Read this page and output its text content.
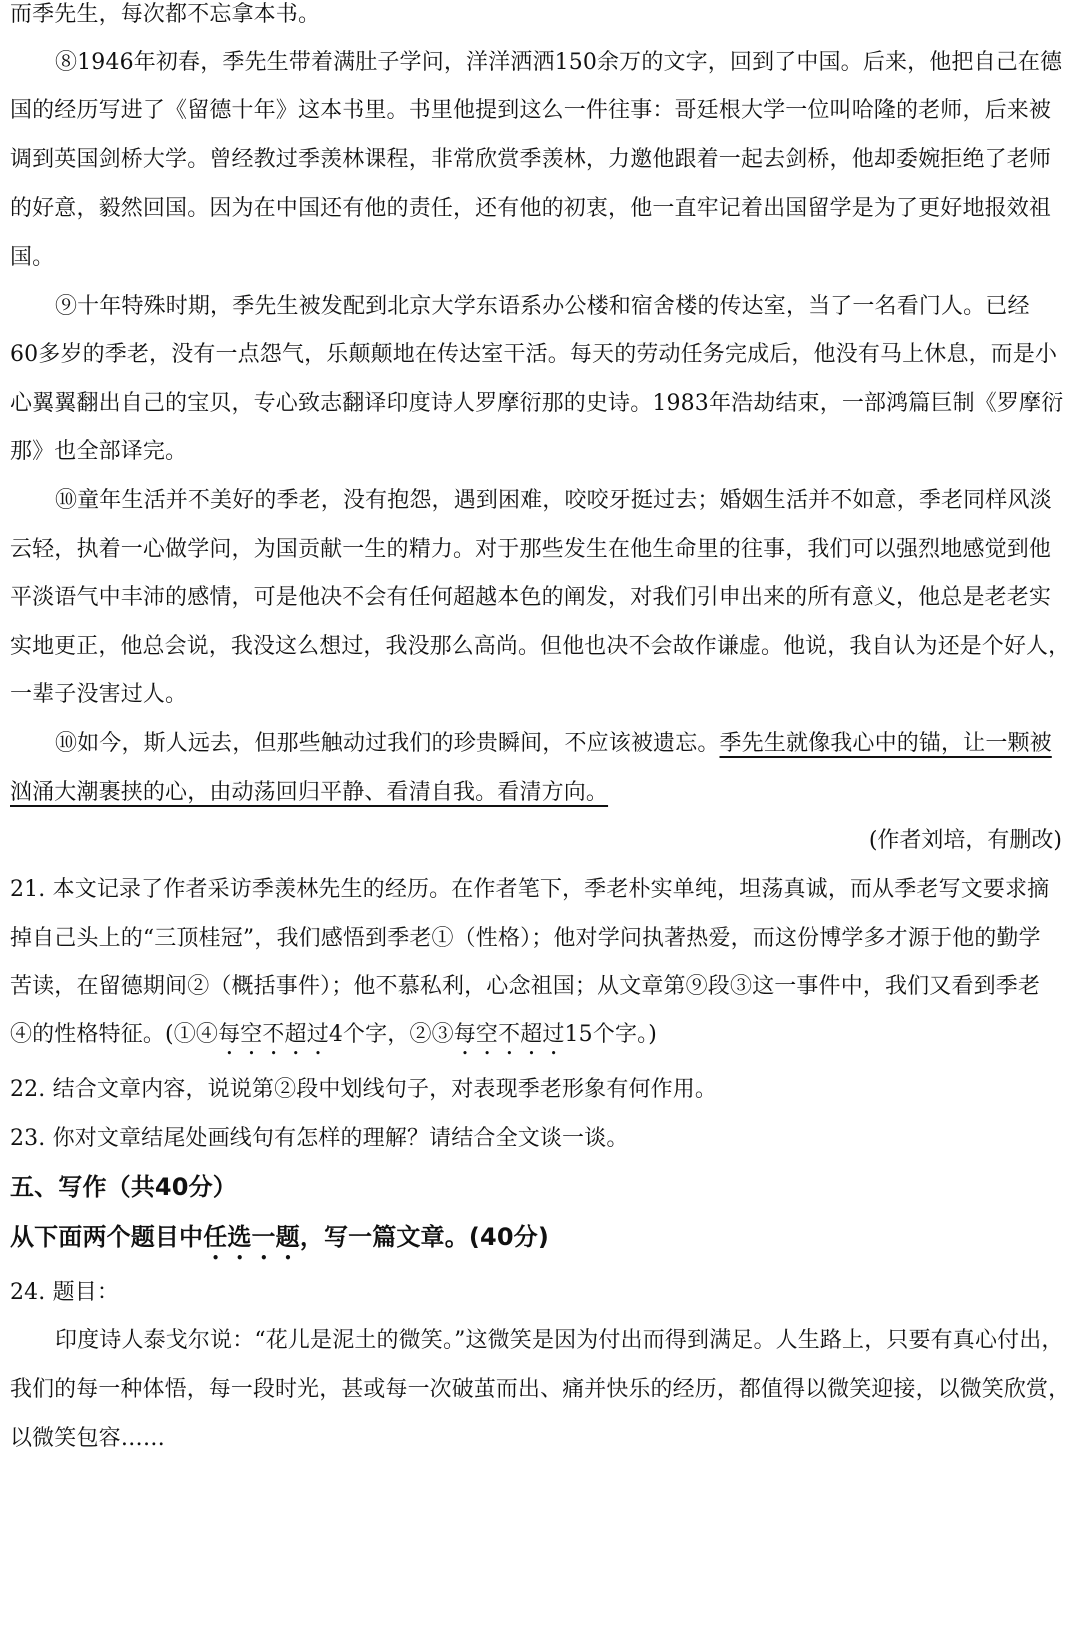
而季先生，每次都不忘拿本书。
⑧1946年初春，季先生带着满肚子学问，洋洋洒洒150余万的文字，回到了中国。后来，他把自己在德
国的经历写进了《留德十年》这本书里。书里他提到这么一件往事：哥廷根大学一位叫哈隆的老师，后来被
调到英国剑桥大学。曾经教过季羡林课程，非常欣赏季羡林，力邀他跟着一起去剑桥，他却委婉拒绝了老师
的好意，毅然回国。因为在中国还有他的责任，还有他的初衷，他一直牢记着出国留学是为了更好地报效祖
国。
⑨十年特殊时期，季先生被发配到北京大学东语系办公楼和宿舍楼的传达室，当了一名看门人。已经
60多岁的季老，没有一点怨气，乐颠颠地在传达室干活。每天的劳动任务完成后，他没有马上休息，而是小
心翼翼翻出自己的宝贝，专心致志翻译印度诗人罗摩衍那的史诗。1983年浩劫结束，一部鸿篇巨制《罗摩衍
那》也全部译完。
⑩童年生活并不美好的季老，没有抱怨，遇到困难，咬咬牙挺过去；婚姻生活并不如意，季老同样风淡
云轻，执着一心做学问，为国贡献一生的精力。对于那些发生在他生命里的往事，我们可以强烈地感觉到他
平淡语气中丰沛的感情，可是他决不会有任何超越本色的阐发，对我们引申出来的所有意义，他总是老老实
实地更正，他总会说，我没这么想过，我没那么高尚。但他也决不会故作谦虚。他说，我自认为还是个好人，
一辈子没害过人。
⑩如今，斯人远去，但那些触动过我们的珍贵瞬间，不应该被遗忘。季先生就像我心中的锚，让一颗被
汹涌大潮裹挟的心，由动荡回归平静、看清自我。看清方向。
(作者刘培，有删改)
21. 本文记录了作者采访季羡林先生的经历。在作者笔下，季老朴实单纯，坦荡真诚，而从季老写文要求摘
掉自己头上的“三顶桂冠”，我们感悟到季老①（性格）；他对学问执著热爱，而这份博学多才源于他的勤学
苦读，在留德期间②（概括事件）；他不慕私利，心念祖国；从文章第⑨段③这一事件中，我们又看到季老
④的性格特征。(①④每空不超过4个字，②③每空不超过15个字。)
22. 结合文章内容，说说第②段中划线句子，对表现季老形象有何作用。
23. 你对文章结尾处画线句有怎样的理解？请结合全文谈一谈。
五、写作（共40分）
从下面两个题目中任选一题，写一篇文章。(40分)
24. 题目：
印度诗人泰戈尔说：“花儿是泥土的微笑。”这微笑是因为付出而得到满足。人生路上，只要有真心付出，
我们的每一种体悟，每一段时光，甚或每一次破茧而出、痛并快乐的经历，都值得以微笑迎接，以微笑欣赏，
以微笑包容……
